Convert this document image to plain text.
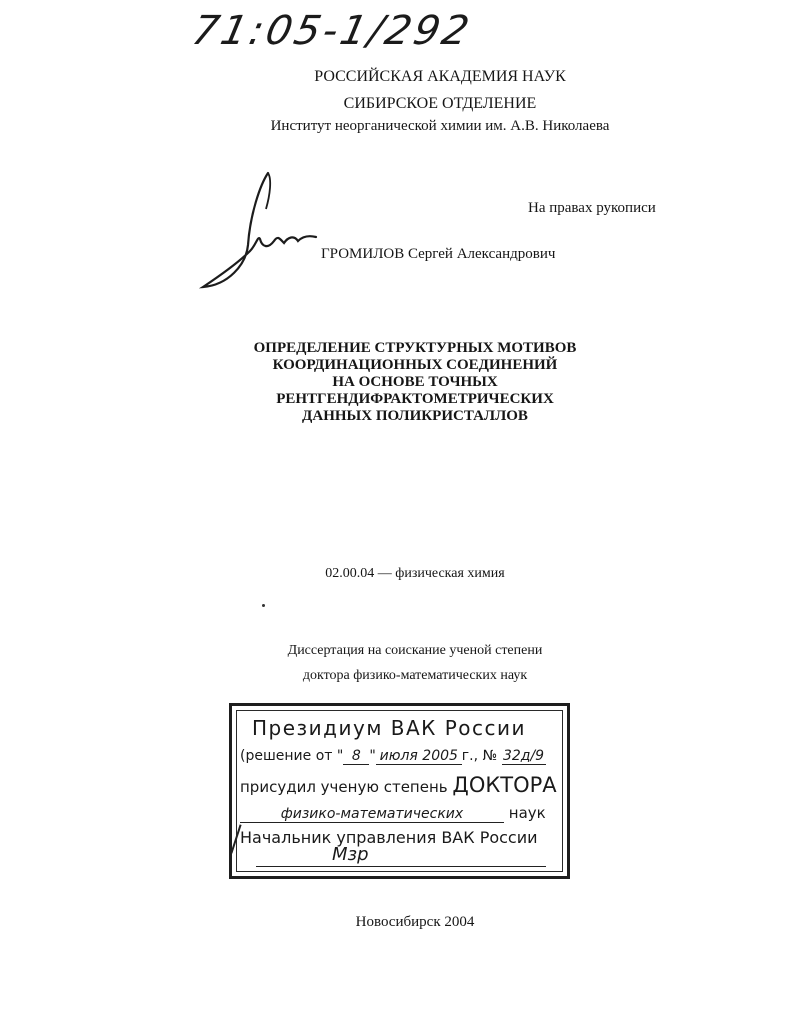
71:05-1/292
РОССИЙСКАЯ АКАДЕМИЯ НАУК
СИБИРСКОЕ ОТДЕЛЕНИЕ
Институт неорганической химии им. А.В. Николаева
На правах рукописи
ГРОМИЛОВ Сергей Александрович
ОПРЕДЕЛЕНИЕ СТРУКТУРНЫХ МОТИВОВ
КООРДИНАЦИОННЫХ СОЕДИНЕНИЙ
НА ОСНОВЕ ТОЧНЫХ
РЕНТГЕНДИФРАКТОМЕТРИЧЕСКИХ
ДАННЫХ ПОЛИКРИСТАЛЛОВ
02.00.04 — физическая химия
Диссертация на соискание ученой степени
доктора физико-математических наук
Президиум ВАК России
(решение от " 8 " июля 2005 г., № 32д/9
присудил ученую степень ДОКТОРА
физико-математических	наук
Начальник управления ВАК России
Мзр
Новосибирск 2004
